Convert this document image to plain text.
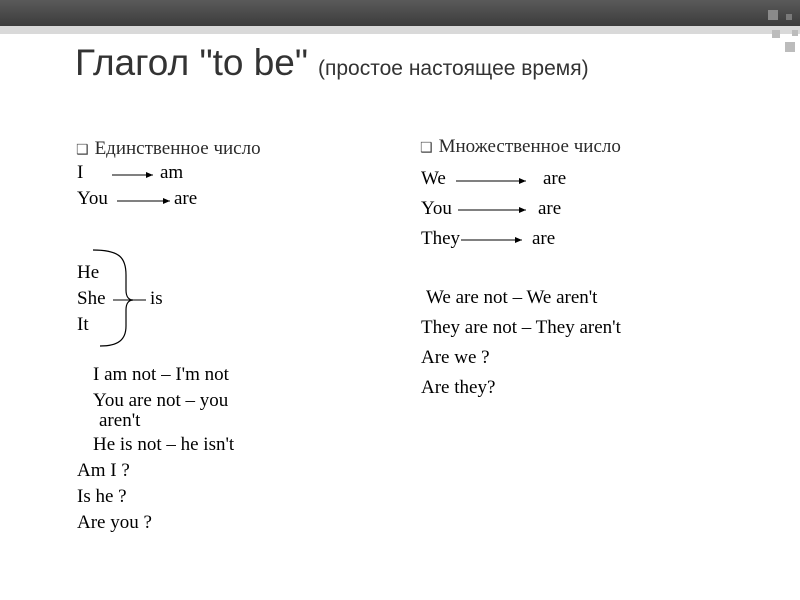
Глагол "to be" (простое настоящее время)
❑ Единственное число
I	am
You	are
He
She
It
is
I am not – I'm not
You are not – you
aren't
He is not – he isn't
Am I ?
Is he ?
Are you ?
❑ Множественное число
We	are
You	are
They	are
We are not – We aren't
They are not – They aren't
Are we ?
Are they?
